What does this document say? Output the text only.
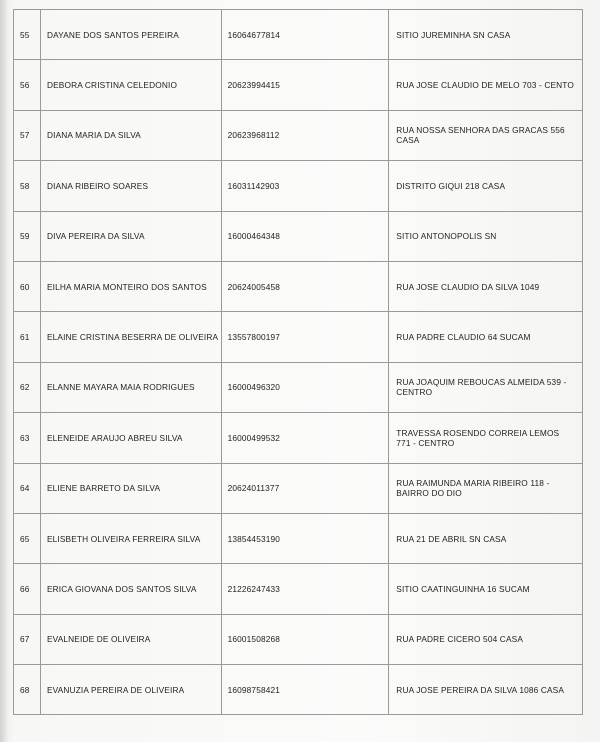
55	DAYANE DOS SANTOS PEREIRA	16064677814	SITIO JUREMINHA SN CASA
56	DEBORA CRISTINA CELEDONIO	20623994415	RUA JOSE CLAUDIO DE MELO 703 - CENTO
57	DIANA MARIA DA SILVA	20623968112	RUA NOSSA SENHORA DAS GRACAS 556 CASA
58	DIANA RIBEIRO SOARES	16031142903	DISTRITO GIQUI 218 CASA
59	DIVA PEREIRA DA SILVA	16000464348	SITIO ANTONOPOLIS SN
60	EILHA MARIA MONTEIRO DOS SANTOS	20624005458	RUA JOSE CLAUDIO DA SILVA 1049
61	ELAINE CRISTINA BESERRA DE OLIVEIRA	13557800197	RUA PADRE CLAUDIO 64 SUCAM
62	ELANNE MAYARA MAIA RODRIGUES	16000496320	RUA JOAQUIM REBOUCAS ALMEIDA 539 - CENTRO
63	ELENEIDE ARAUJO ABREU SILVA	16000499532	TRAVESSA ROSENDO CORREIA LEMOS 771 - CENTRO
64	ELIENE BARRETO DA SILVA	20624011377	RUA RAIMUNDA MARIA RIBEIRO 118 - BAIRRO DO DIO
65	ELISBETH OLIVEIRA FERREIRA SILVA	13854453190	RUA 21 DE ABRIL SN CASA
66	ERICA GIOVANA DOS SANTOS SILVA	21226247433	SITIO CAATINGUINHA 16 SUCAM
67	EVALNEIDE DE OLIVEIRA	16001508268	RUA PADRE CICERO 504 CASA
68	EVANUZIA PEREIRA DE OLIVEIRA	16098758421	RUA JOSE PEREIRA DA SILVA 1086 CASA
